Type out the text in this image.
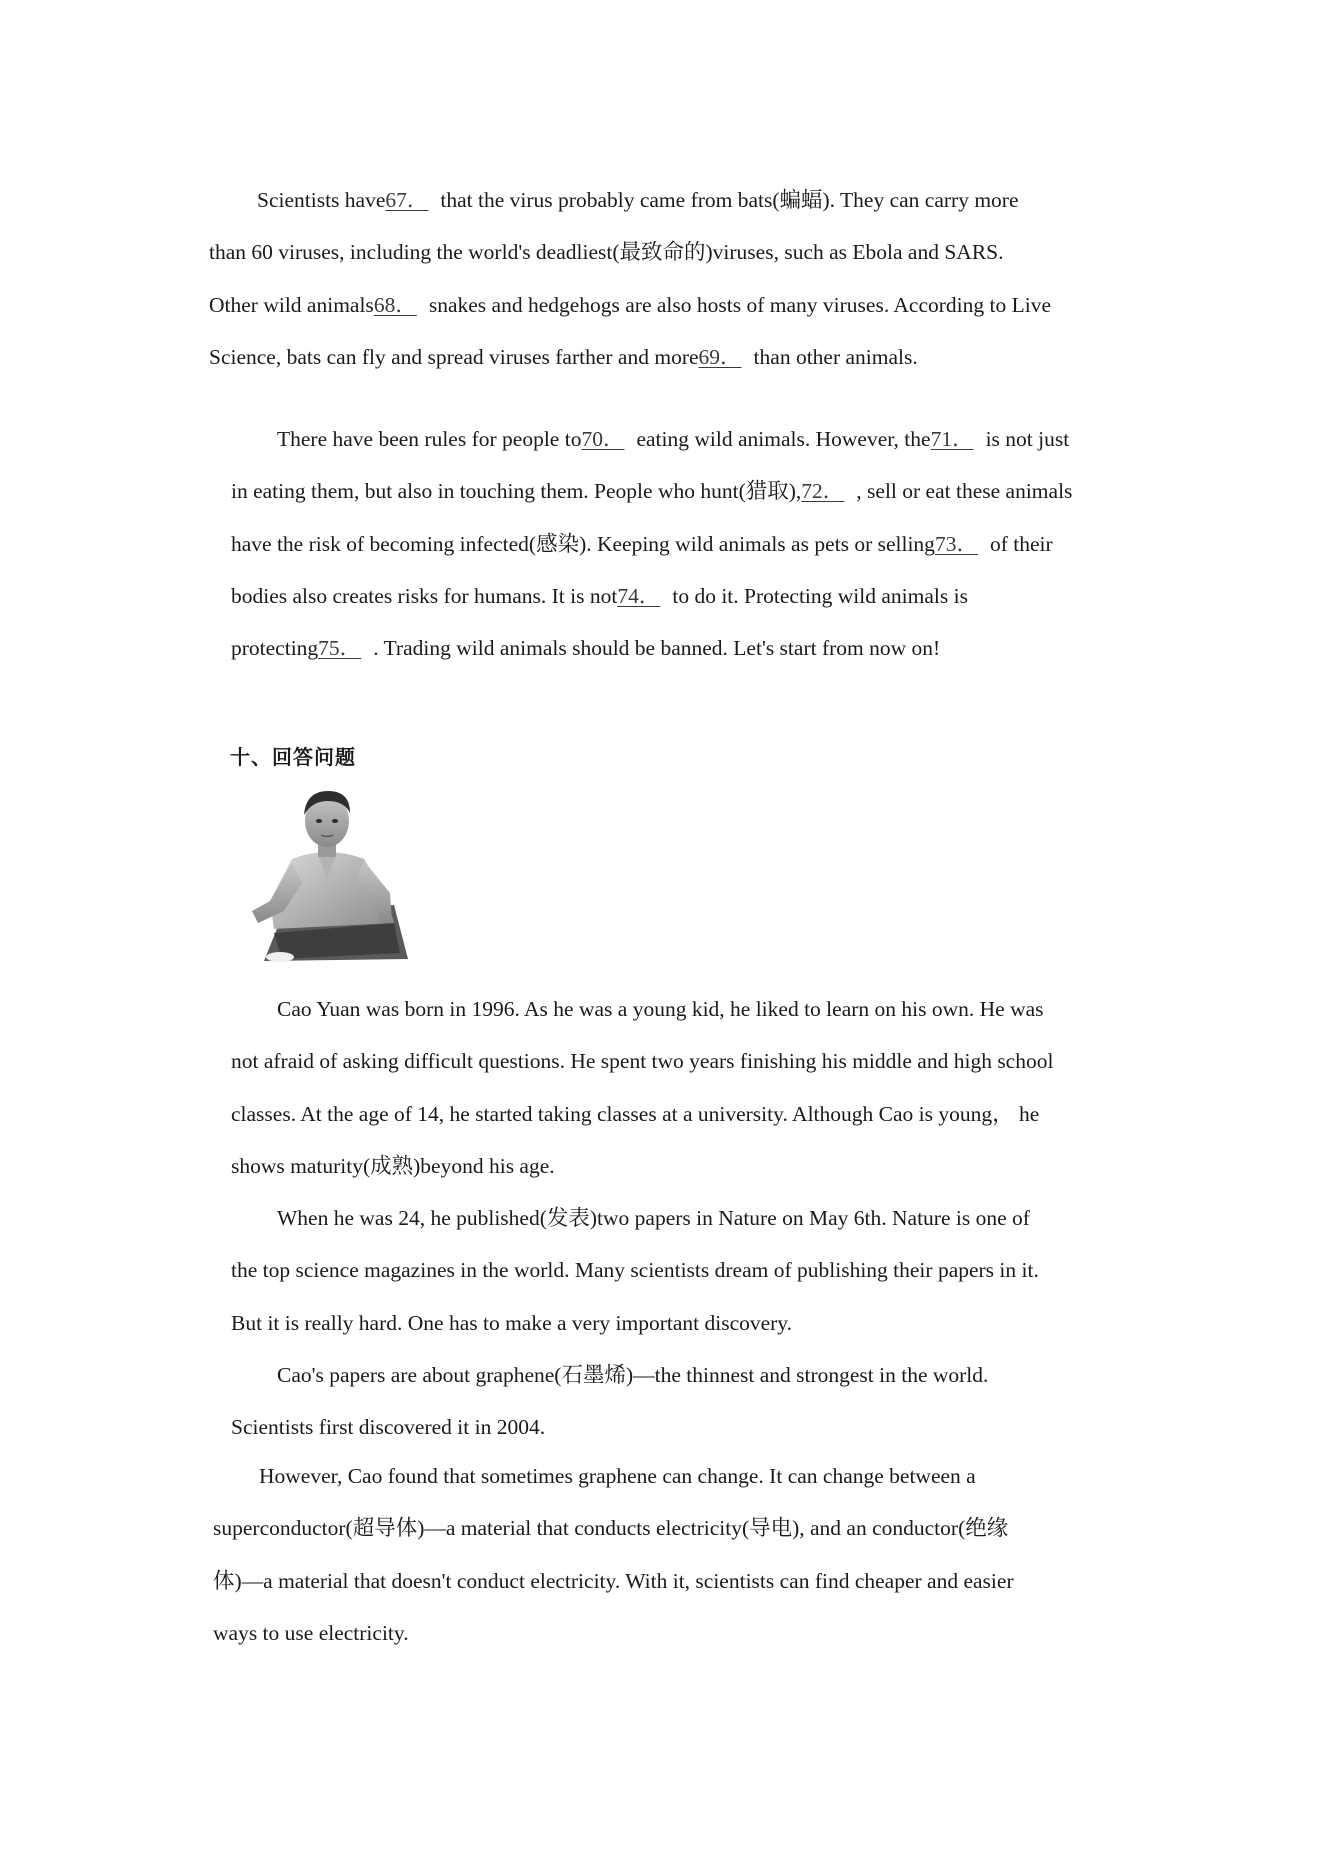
Scientists have67． that the virus probably came from bats(蝙蝠). They can carry more
than 60 viruses, including the world's deadliest(最致命的)viruses, such as Ebola and SARS.
Other wild animals68． snakes and hedgehogs are also hosts of many viruses. According to Live
Science, bats can fly and spread viruses farther and more69． than other animals.
There have been rules for people to70． eating wild animals. However, the71． is not just
in eating them, but also in touching them. People who hunt(猎取),72． , sell or eat these animals
have the risk of becoming infected(感染). Keeping wild animals as pets or selling73． of their
bodies also creates risks for humans. It is not74． to do it. Protecting wild animals is
protecting75． . Trading wild animals should be banned. Let's start from now on!
十、回答问题
Cao Yuan was born in 1996. As he was a young kid, he liked to learn on his own. He was
not afraid of asking difficult questions. He spent two years finishing his middle and high school
classes. At the age of 14, he started taking classes at a university. Although Cao is young， he
shows maturity(成熟)beyond his age.
When he was 24, he published(发表)two papers in Nature on May 6th. Nature is one of
the top science magazines in the world. Many scientists dream of publishing their papers in it.
But it is really hard. One has to make a very important discovery.
Cao's papers are about graphene(石墨烯)—the thinnest and strongest in the world.
Scientists first discovered it in 2004.
However, Cao found that sometimes graphene can change. It can change between a
superconductor(超导体)—a material that conducts electricity(导电), and an conductor(绝缘
体)—a material that doesn't conduct electricity. With it, scientists can find cheaper and easier
ways to use electricity.
